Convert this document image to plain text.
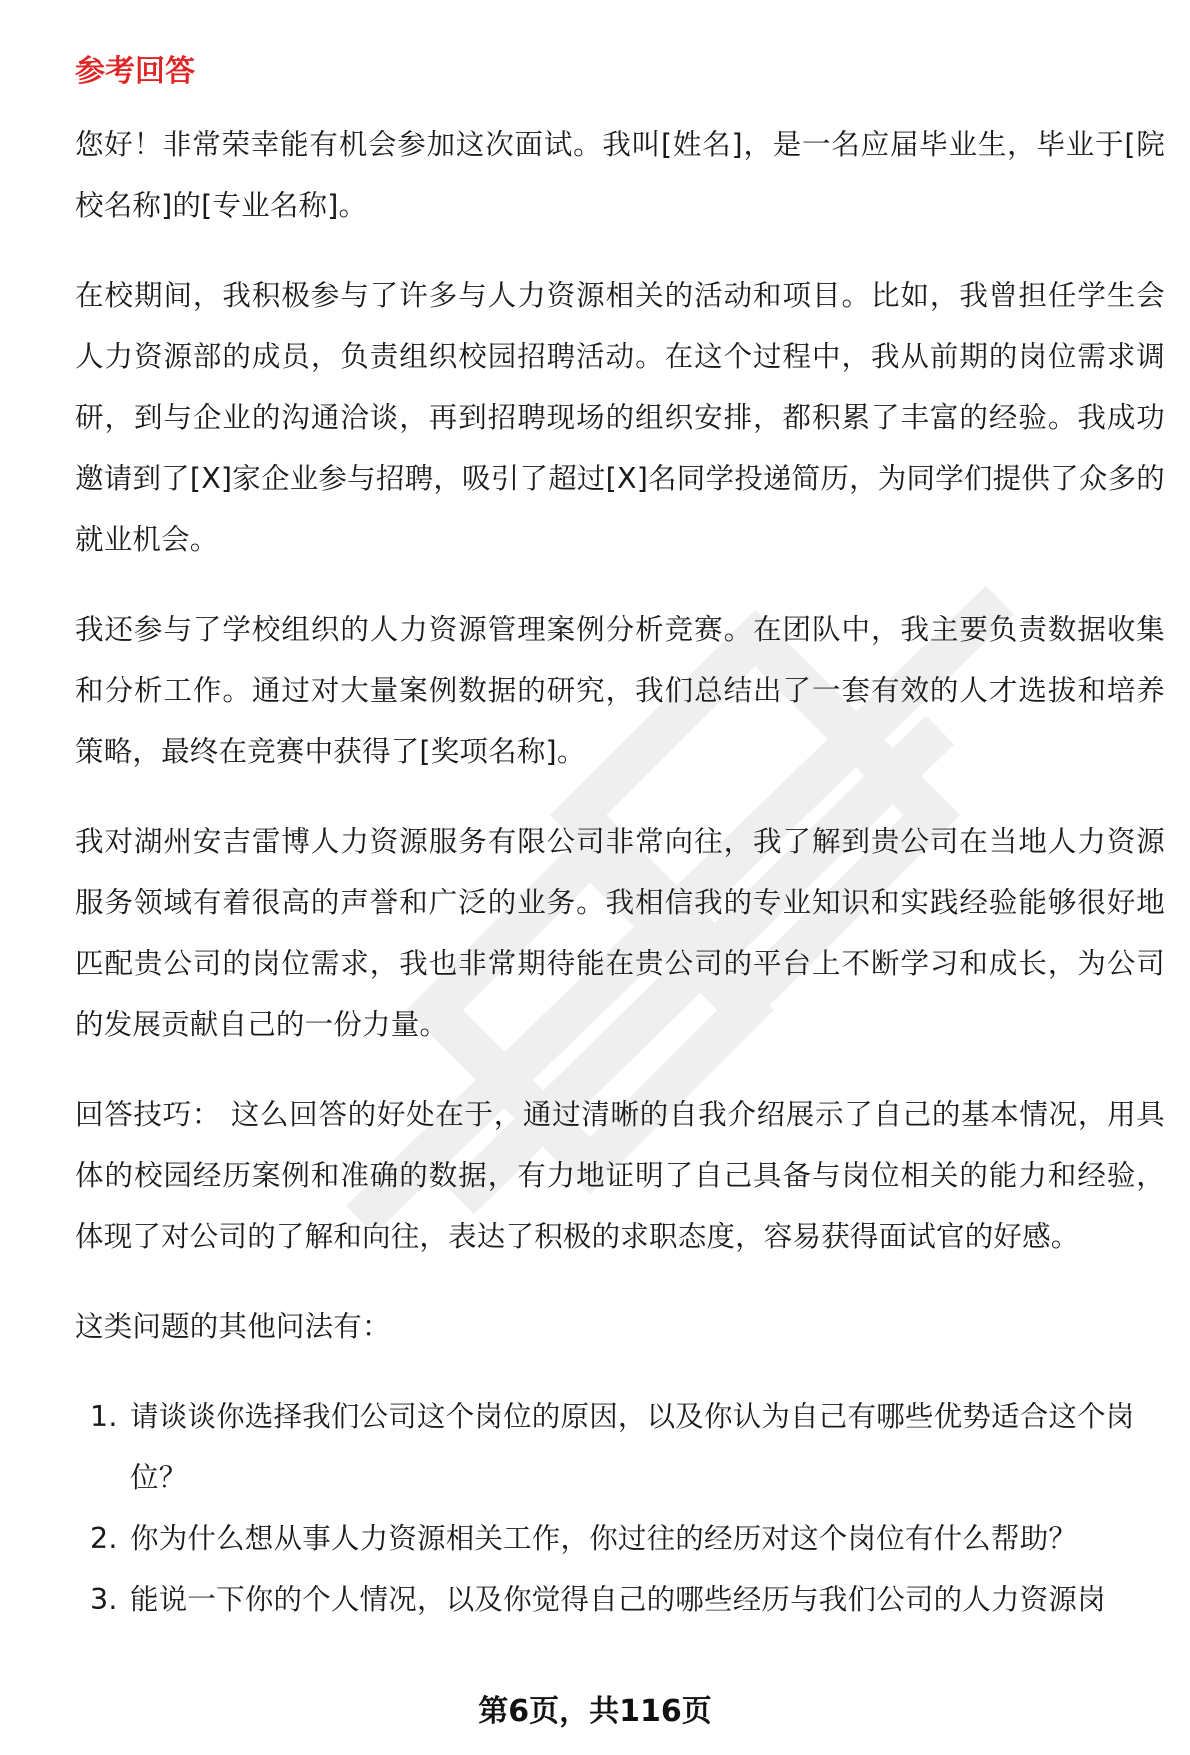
参考回答

您好！非常荣幸能有机会参加这次面试。我叫[姓名]，是一名应届毕业生，毕业于[院校名称]的[专业名称]。

在校期间，我积极参与了许多与人力资源相关的活动和项目。比如，我曾担任学生会人力资源部的成员，负责组织校园招聘活动。在这个过程中，我从前期的岗位需求调研，到与企业的沟通洽谈，再到招聘现场的组织安排，都积累了丰富的经验。我成功邀请到了[X]家企业参与招聘，吸引了超过[X]名同学投递简历，为同学们提供了众多的就业机会。

我还参与了学校组织的人力资源管理案例分析竞赛。在团队中，我主要负责数据收集和分析工作。通过对大量案例数据的研究，我们总结出了一套有效的人才选拔和培养策略，最终在竞赛中获得了[奖项名称]。

我对湖州安吉雷博人力资源服务有限公司非常向往，我了解到贵公司在当地人力资源服务领域有着很高的声誉和广泛的业务。我相信我的专业知识和实践经验能够很好地匹配贵公司的岗位需求，我也非常期待能在贵公司的平台上不断学习和成长，为公司的发展贡献自己的一份力量。

回答技巧： 这么回答的好处在于，通过清晰的自我介绍展示了自己的基本情况，用具体的校园经历案例和准确的数据，有力地证明了自己具备与岗位相关的能力和经验，体现了对公司的了解和向往，表达了积极的求职态度，容易获得面试官的好感。

这类问题的其他问法有：

1. 请谈谈你选择我们公司这个岗位的原因，以及你认为自己有哪些优势适合这个岗位？
2. 你为什么想从事人力资源相关工作，你过往的经历对这个岗位有什么帮助？
3. 能说一下你的个人情况，以及你觉得自己的哪些经历与我们公司的人力资源岗
第6页，共116页
